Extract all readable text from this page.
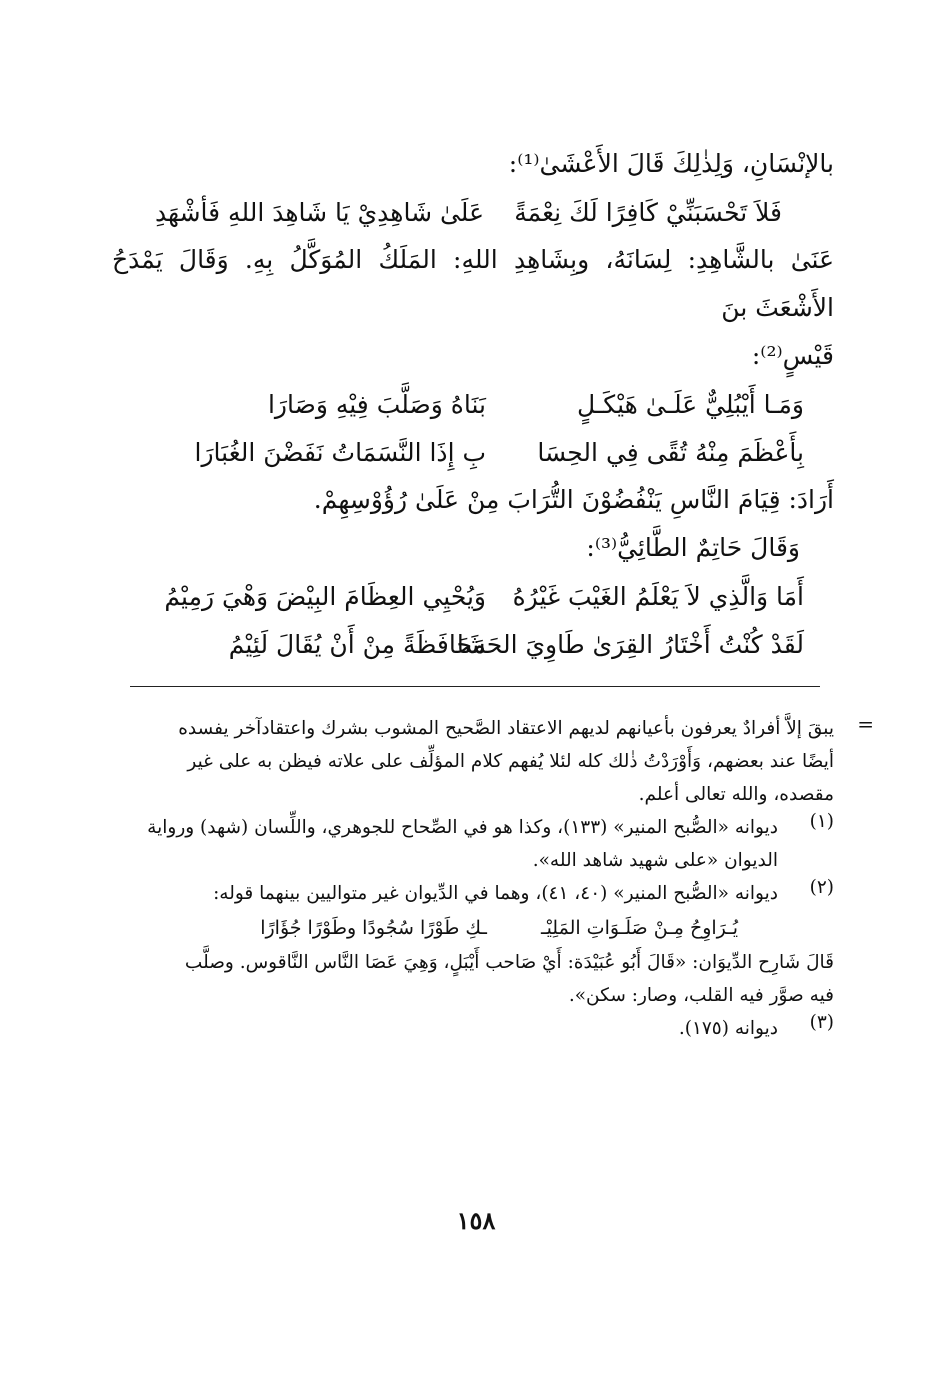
بالإنْسَانِ، وَلِذٰلِكَ قَالَ الأَعْشَىٰ⁽¹⁾:

فَلاَ تَحْسَبَنِّيْ كَافِرًا لَكَ نِعْمَةً
عَلَىٰ شَاهِدِيْ يَا شَاهِدَ اللهِ فَأشْهَدِ

عَنَىٰ بالشَّاهِدِ: لِسَانَهُ، وبِشَاهِدِ اللهِ: المَلَكُ المُوَكَّلُ بِهِ. وَقَالَ يَمْدَحُ الأَشْعَثَ بنَ

قَيْسٍ⁽²⁾:

وَمَـا أَيْبُلِيٌّ عَلَـىٰ هَيْكَـلٍ
بَنَاهُ وَصَلَّبَ فِيْهِ وَصَارَا
بِأَعْظَمَ مِنْهُ تُقًى فِي الحِسَا
بِ إِذَا النَّسَمَاتُ نَفَضْنَ الغُبَارَا

أَرَادَ: قِيَامَ النَّاسِ يَنْفُضُوْنَ التُّرَابَ مِنْ عَلَىٰ رُؤُوْسِهِمْ.

وَقَالَ حَاتِمٌ الطَّائِيُّ⁽³⁾:

أَمَا وَالَّذِي لاَ يَعْلَمُ الغَيْبَ غَيْرُهُ
وَيُحْيِي العِظَامَ البِيْضَ وَهْيَ رَمِيْمُ
لَقَدْ كُنْتُ أَخْتَارُ القِرَىٰ طَاوِيَ الحَشَا
مَحَافَظَةً مِنْ أَنْ يُقَالَ لَئِيْمُ
=

يبقَ إلاَّ أفرادٌ يعرفون بأعيانهم لديهم الاعتقاد الصَّحيح المشوب بشرك واعتقادآخر يفسده

أيضًا عند بعضهم، وَأَوْرَدْتُ ذٰلك كله لئلا يُفهم كلام المؤلِّف على علاته فيظن به على غير

مقصده، والله تعالى أعلم.

(١)

ديوانه «الصُّبح المنير» (١٣٣)، وكذا هو في الصِّحاح للجوهري، واللِّسان (شهد) ورواية

الديوان «على شهيد شاهد الله».

(٢)

ديوانه «الصُّبح المنير» (٤٠، ٤١)، وهما في الدِّيوان غير متواليين بينهما قوله:

يُـرَاوِحُ مِـنْ صَلَـوَاتِ المَلِيْـ ـكِ طَوْرًا سُجُودًا وطَوْرًا جُؤَارًا

قَالَ شَارِح الدِّيوَان: «قَالَ أَبُو عُبَيْدَة: أَيْ صَاحب أَيْبَلٍ، وَهِيَ عَصَا النَّاس النَّاقوس. وصلَّب

فيه صوَّر فيه القلب، وصار: سكن».

(٣)

ديوانه (١٧٥).

١٥٨
